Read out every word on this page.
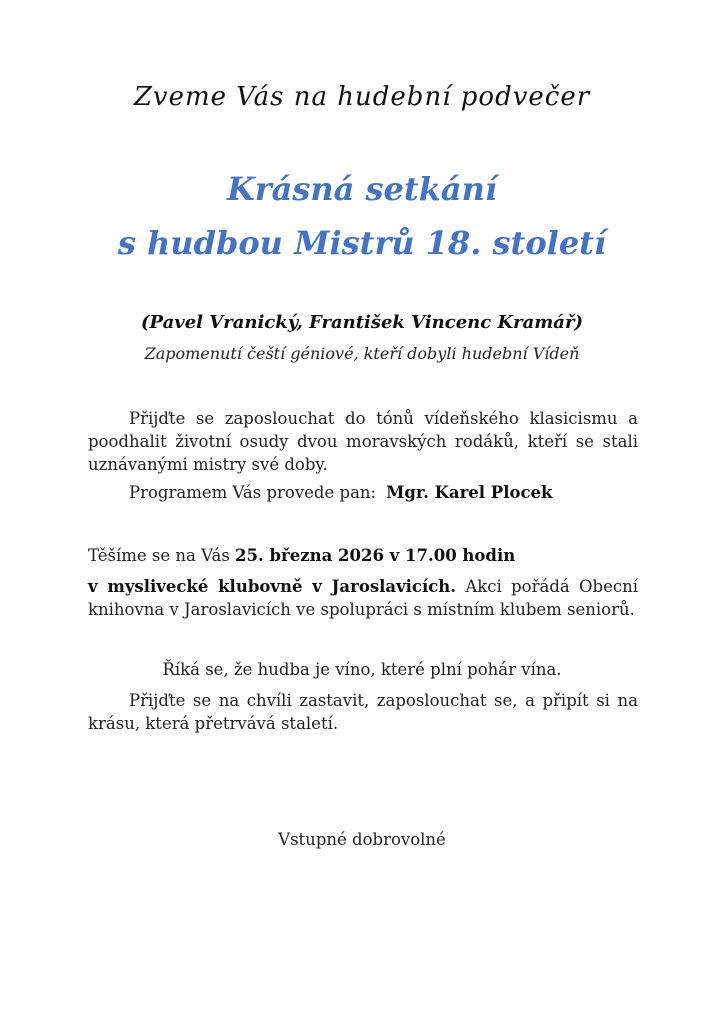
Zveme Vás na hudební podvečer
Krásná setkání
s hudbou Mistrů 18. století
(Pavel Vranický, František Vincenc Kramář)
Zapomenutí čeští géniové, kteří dobyli hudební Vídeň
Přijďte se zaposlouchat do tónů vídeňského klasicismu a poodhalit životní osudy dvou moravských rodáků, kteří se stali uznávanými mistry své doby.
Programem Vás provede pan: Mgr. Karel Plocek
Těšíme se na Vás 25. března 2026 v 17.00 hodin
v myslivecké klubovně v Jaroslavicích. Akci pořádá Obecní knihovna v Jaroslavicích ve spolupráci s místním klubem seniorů.
Říká se, že hudba je víno, které plní pohár vína.
Přijďte se na chvíli zastavit, zaposlouchat se, a připít si na krásu, která přetrvává staletí.
Vstupné dobrovolné
